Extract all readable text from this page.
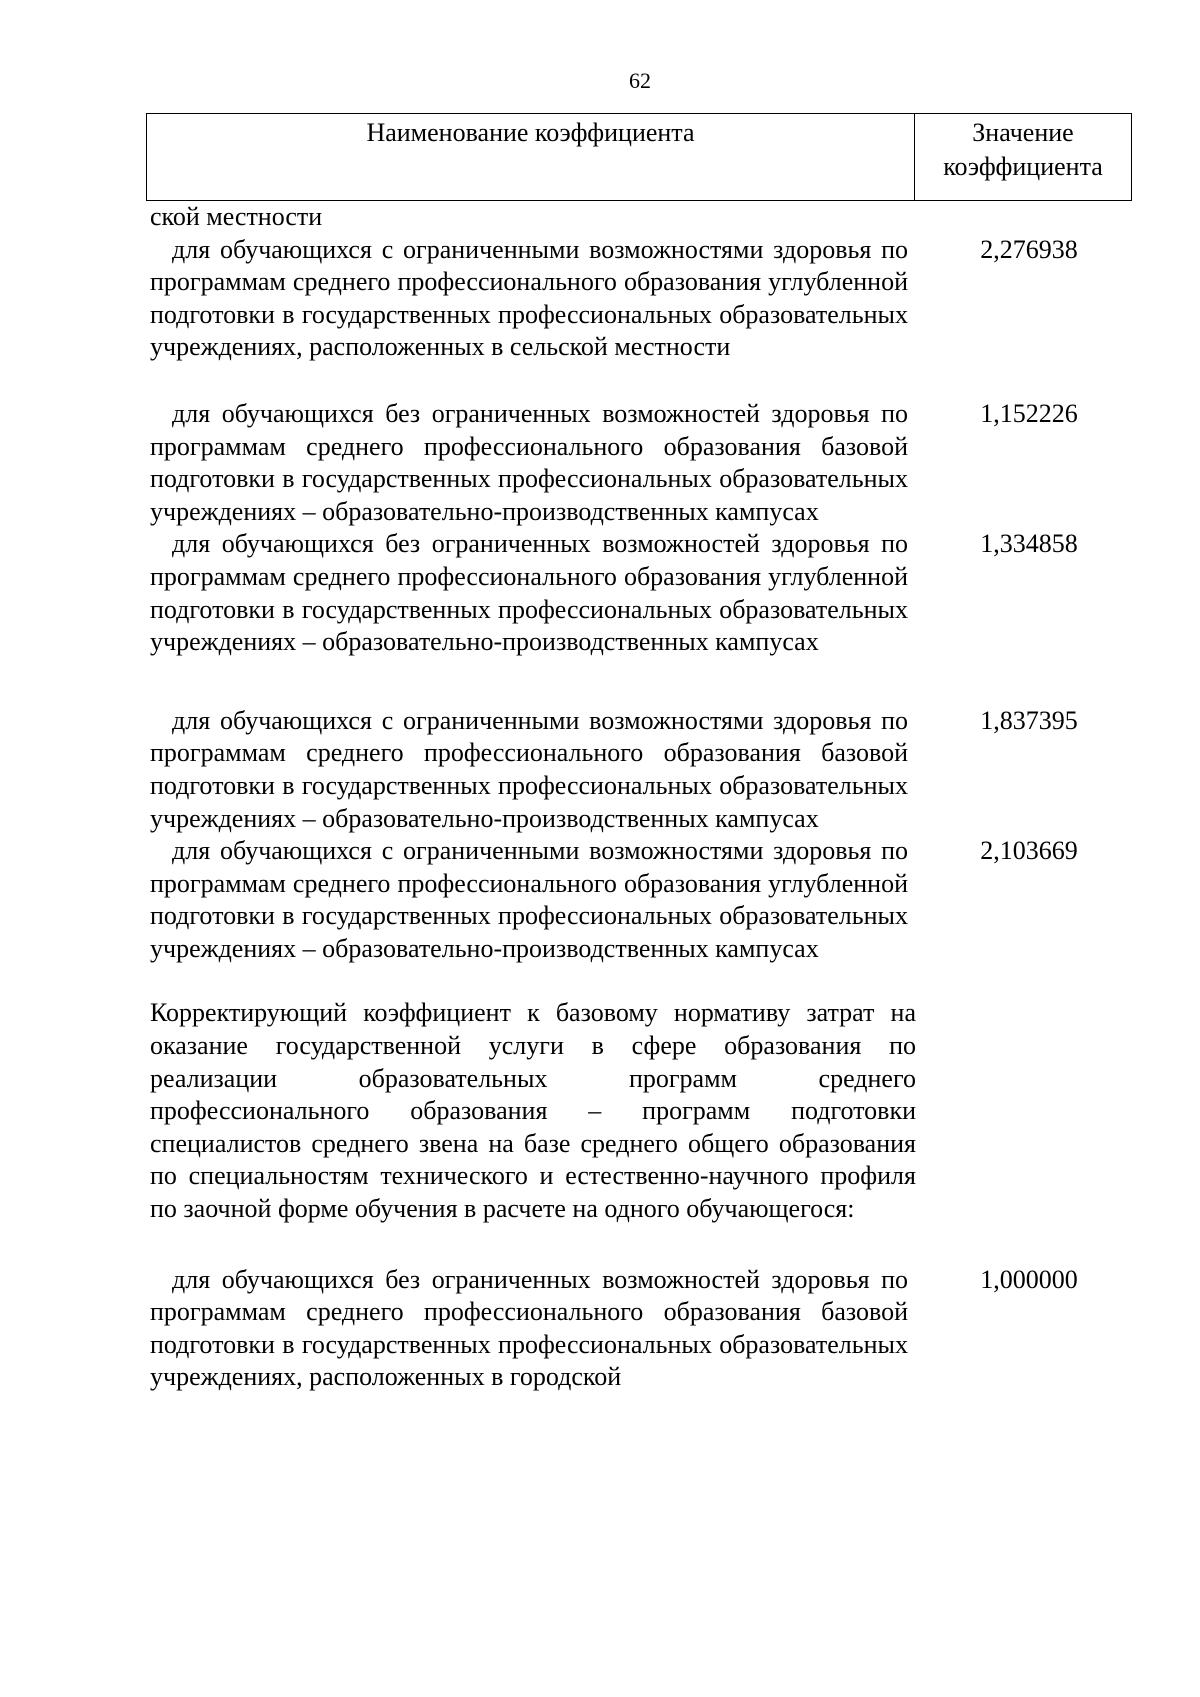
62
Наименование коэффициента	Значение
коэффициента
ской местности
для обучающихся с ограниченными возможностями здоровья по программам среднего профессионального образования углубленной подготовки в государственных профессиональных образовательных учреждениях, расположенных в сельской местности
2,276938
для обучающихся без ограниченных возможностей здоровья по программам среднего профессионального образования базовой подготовки в государственных профессиональных образовательных учреждениях – образовательно-производственных кампусах
1,152226
для обучающихся без ограниченных возможностей здоровья по программам среднего профессионального образования углубленной подготовки в государственных профессиональных образовательных учреждениях – образовательно-производственных кампусах
1,334858
для обучающихся с ограниченными возможностями здоровья по программам среднего профессионального образования базовой подготовки в государственных профессиональных образовательных учреждениях – образовательно-производственных кампусах
1,837395
для обучающихся с ограниченными возможностями здоровья по программам среднего профессионального образования углубленной подготовки в государственных профессиональных образовательных учреждениях – образовательно-производственных кампусах
2,103669
Корректирующий коэффициент к базовому нормативу затрат на оказание государственной услуги в сфере образования по реализации образовательных программ среднего профессионального образования – программ подготовки специалистов среднего звена на базе среднего общего образования по специальностям технического и естественно-научного профиля по заочной форме обучения в расчете на одного обучающегося:
для обучающихся без ограниченных возможностей здоровья по программам среднего профессионального образования базовой подготовки в государственных профессиональных образовательных учреждениях, расположенных в городской
1,000000
